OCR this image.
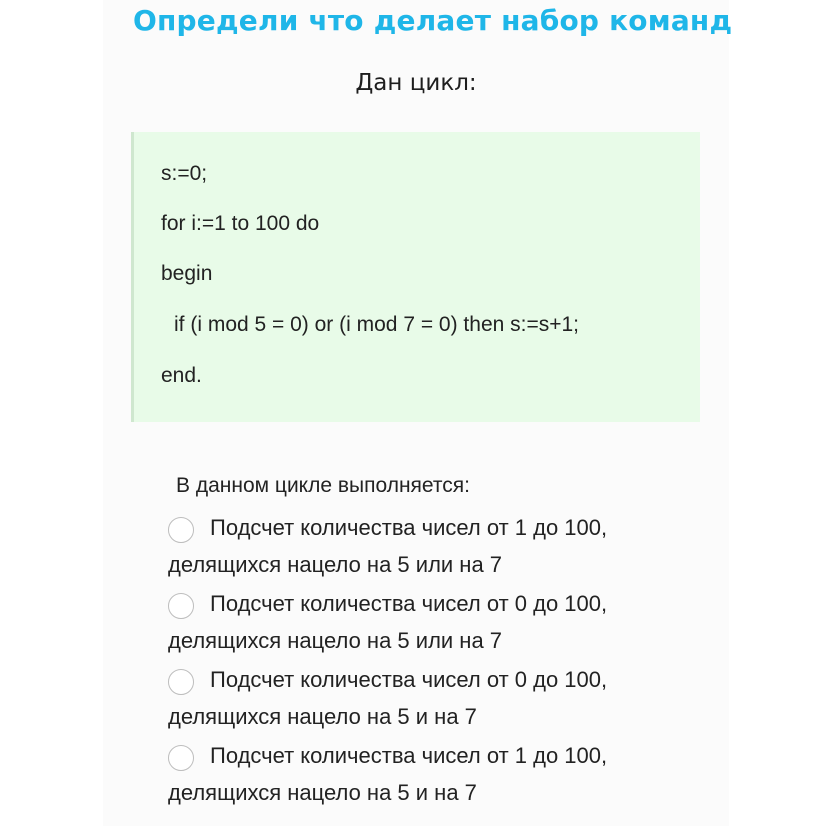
Определи что делает набор команд
Дан цикл:
s:=0;
for i:=1 to 100 do
begin
if (i mod 5 = 0) or (i mod 7 = 0) then s:=s+1;
end.
В данном цикле выполняется:
Подсчет количества чисел от 1 до 100,
делящихся нацело на 5 или на 7
Подсчет количества чисел от 0 до 100,
делящихся нацело на 5 или на 7
Подсчет количества чисел от 0 до 100,
делящихся нацело на 5 и на 7
Подсчет количества чисел от 1 до 100,
делящихся нацело на 5 и на 7
